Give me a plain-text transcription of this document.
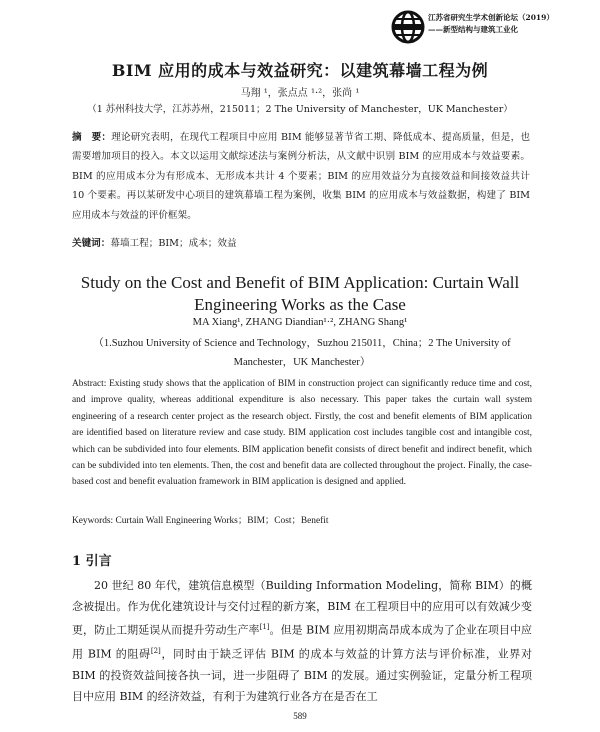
江苏省研究生学术创新论坛（2019）
——新型结构与建筑工业化
BIM 应用的成本与效益研究：以建筑幕墙工程为例
马翔 ¹，张点点 ¹·²，张尚 ¹
（1 苏州科技大学，江苏苏州，215011；2 The University of Manchester，UK Manchester）

摘　要：理论研究表明，在现代工程项目中应用 BIM 能够显著节省工期、降低成本、提高质量，但是，也需要增加项目的投入。本文以运用文献综述法与案例分析法，从文献中识别 BIM 的应用成本与效益要素。BIM 的应用成本分为有形成本、无形成本共计 4 个要素；BIM 的应用效益分为直接效益和间接效益共计 10 个要素。再以某研发中心项目的建筑幕墙工程为案例，收集 BIM 的应用成本与效益数据，构建了 BIM 应用成本与效益的评价框架。

关键词：幕墙工程；BIM；成本；效益
Study on the Cost and Benefit of BIM Application: Curtain Wall Engineering Works as the Case
MA Xiang¹, ZHANG Diandian¹·², ZHANG Shang¹
（1.Suzhou University of Science and Technology，Suzhou 215011，China；2 The University of Manchester，UK Manchester）

Abstract: Existing study shows that the application of BIM in construction project can significantly reduce time and cost, and improve quality, whereas additional expenditure is also necessary. This paper takes the curtain wall system engineering of a research center project as the research object. Firstly, the cost and benefit elements of BIM application are identified based on literature review and case study. BIM application cost includes tangible cost and intangible cost, which can be subdivided into four elements. BIM application benefit consists of direct benefit and indirect benefit, which can be subdivided into ten elements. Then, the cost and benefit data are collected throughout the project. Finally, the case-based cost and benefit evaluation framework in BIM application is designed and applied.

Keywords: Curtain Wall Engineering Works；BIM；Cost；Benefit
1 引言

20 世纪 80 年代，建筑信息模型（Building Information Modeling，简称 BIM）的概念被提出。作为优化建筑设计与交付过程的新方案，BIM 在工程项目中的应用可以有效减少变更，防止工期延误从而提升劳动生产率[1]。但是 BIM 应用初期高昂成本成为了企业在项目中应用 BIM 的阻碍[2]，同时由于缺乏评估 BIM 的成本与效益的计算方法与评价标准，业界对 BIM 的投资效益间接各执一词，进一步阻碍了 BIM 的发展。通过实例验证，定量分析工程项目中应用 BIM 的经济效益，有利于为建筑行业各方在是否在工

589
